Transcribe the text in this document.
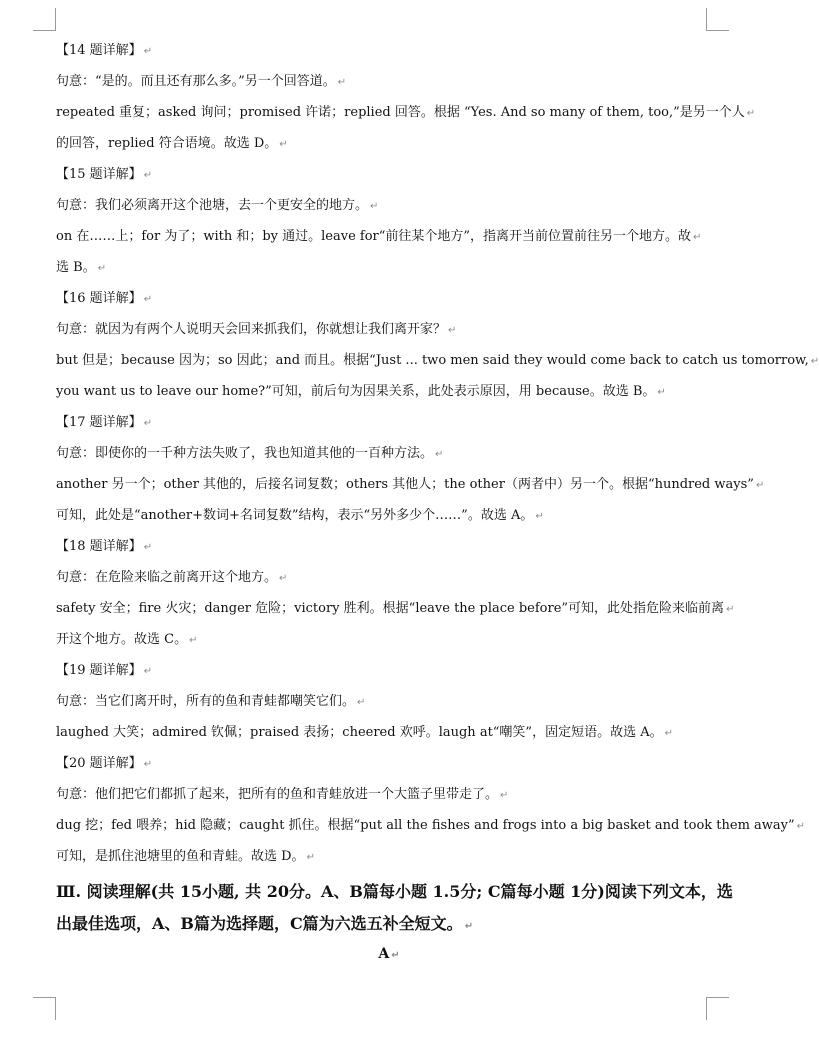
【14 题详解】 ↵
句意：“是的。而且还有那么多。”另一个回答道。 ↵
repeated 重复；asked 询问；promised 许诺；replied 回答。根据 “Yes. And so many of them, too,”是另一个人 ↵
的回答，replied 符合语境。故选 D。 ↵
【15 题详解】 ↵
句意：我们必须离开这个池塘，去一个更安全的地方。 ↵
on 在……上；for 为了；with 和；by 通过。leave for“前往某个地方”，指离开当前位置前往另一个地方。故 ↵
选 B。 ↵
【16 题详解】 ↵
句意：就因为有两个人说明天会回来抓我们，你就想让我们离开家？ ↵
but 但是；because 因为；so 因此；and 而且。根据“Just ... two men said they would come back to catch us tomorrow, ↵
you want us to leave our home?”可知，前后句为因果关系，此处表示原因，用 because。故选 B。 ↵
【17 题详解】 ↵
句意：即使你的一千种方法失败了，我也知道其他的一百种方法。 ↵
another 另一个；other 其他的，后接名词复数；others 其他人；the other（两者中）另一个。根据“hundred ways” ↵
可知，此处是“another+数词+名词复数”结构，表示“另外多少个……”。故选 A。 ↵
【18 题详解】 ↵
句意：在危险来临之前离开这个地方。 ↵
safety 安全；fire 火灾；danger 危险；victory 胜利。根据“leave the place before”可知，此处指危险来临前离 ↵
开这个地方。故选 C。 ↵
【19 题详解】 ↵
句意：当它们离开时，所有的鱼和青蛙都嘲笑它们。 ↵
laughed 大笑；admired 钦佩；praised 表扬；cheered 欢呼。laugh at“嘲笑”，固定短语。故选 A。 ↵
【20 题详解】 ↵
句意：他们把它们都抓了起来，把所有的鱼和青蛙放进一个大篮子里带走了。 ↵
dug 挖；fed 喂养；hid 隐藏；caught 抓住。根据“put all the fishes and frogs into a big basket and took them away” ↵
可知，是抓住池塘里的鱼和青蛙。故选 D。 ↵
Ⅲ. 阅读理解(共 15小题, 共 20分。A、B篇每小题 1.5分; C篇每小题 1分)阅读下列文本，选
出最佳选项，A、B篇为选择题，C篇为六选五补全短文。 ↵
A ↵
